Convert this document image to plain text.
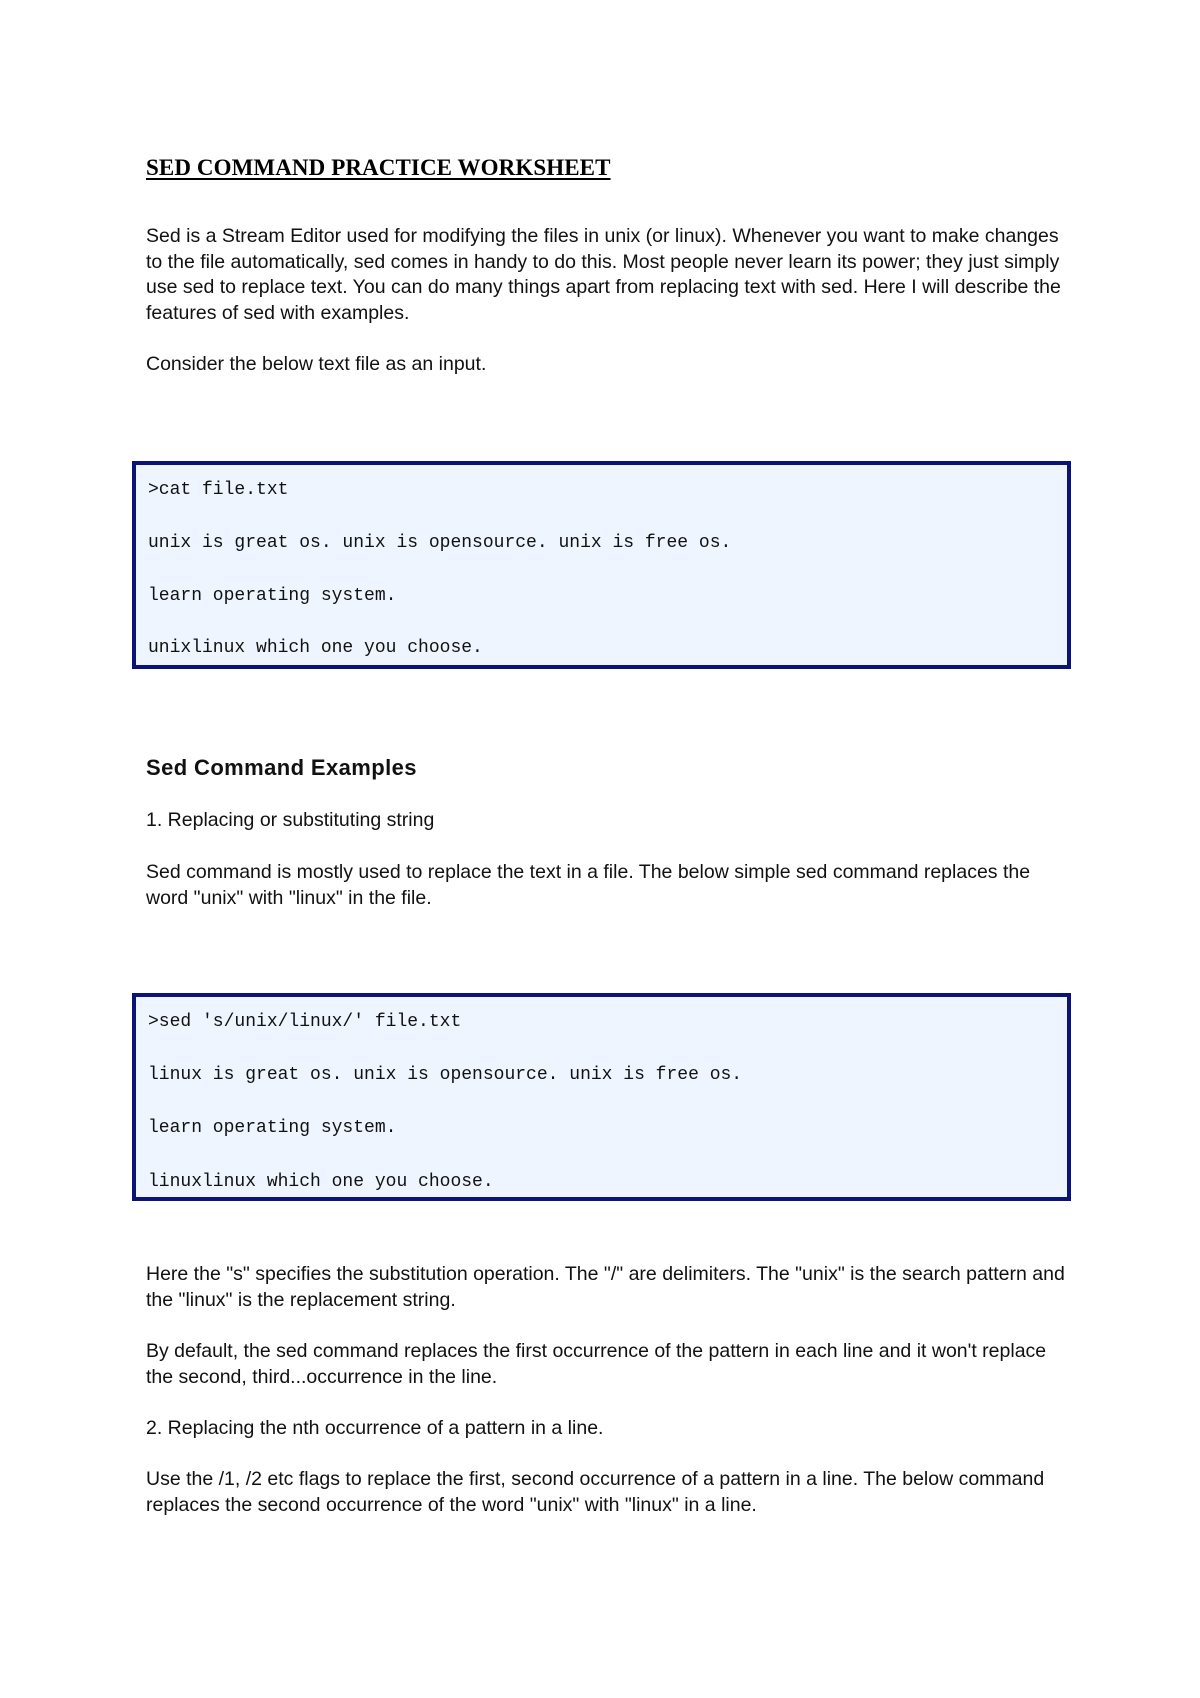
SED COMMAND PRACTICE WORKSHEET

Sed is a Stream Editor used for modifying the files in unix (or linux). Whenever you want to make changes to the file automatically, sed comes in handy to do this. Most people never learn its power; they just simply use sed to replace text. You can do many things apart from replacing text with sed. Here I will describe the features of sed with examples.

Consider the below text file as an input.

>cat file.txt

unix is great os. unix is opensource. unix is free os.

learn operating system.

unixlinux which one you choose.

Sed Command Examples

1. Replacing or substituting string

Sed command is mostly used to replace the text in a file. The below simple sed command replaces the word "unix" with "linux" in the file.

>sed 's/unix/linux/' file.txt

linux is great os. unix is opensource. unix is free os.

learn operating system.

linuxlinux which one you choose.

Here the "s" specifies the substitution operation. The "/" are delimiters. The "unix" is the search pattern and the "linux" is the replacement string.

By default, the sed command replaces the first occurrence of the pattern in each line and it won't replace the second, third...occurrence in the line.

2. Replacing the nth occurrence of a pattern in a line.

Use the /1, /2 etc flags to replace the first, second occurrence of a pattern in a line. The below command replaces the second occurrence of the word "unix" with "linux" in a line.
